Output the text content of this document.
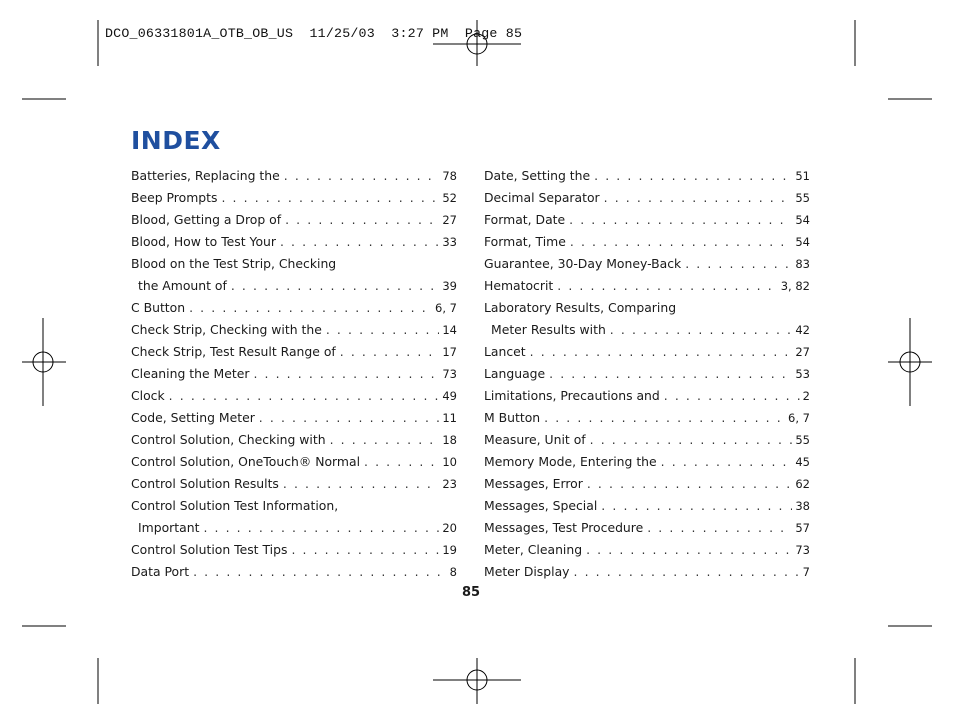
DCO_06331801A_OTB_OB_US  11/25/03  3:27 PM  Page 85
INDEX
Batteries, Replacing the . . .	78
Beep Prompts . . .	52
Blood, Getting a Drop of . . .	27
Blood, How to Test Your . . .	33
Blood on the Test Strip, Checking
the Amount of . . .	39
C Button . . .	6, 7
Check Strip, Checking with the . . .	14
Check Strip, Test Result Range of . . .	17
Cleaning the Meter . . .	73
Clock . . .	49
Code, Setting Meter . . .	11
Control Solution, Checking with . . .	18
Control Solution, OneTouch® Normal . . .	10
Control Solution Results . . .	23
Control Solution Test Information,
Important . . .	20
Control Solution Test Tips . . .	19
Data Port . . .	8
Date, Setting the . . .	51
Decimal Separator . . .	55
Format, Date . . .	54
Format, Time . . .	54
Guarantee, 30-Day Money-Back . . .	83
Hematocrit . . .	3, 82
Laboratory Results, Comparing
Meter Results with . . .	42
Lancet . . .	27
Language . . .	53
Limitations, Precautions and . . .	2
M Button . . .	6, 7
Measure, Unit of . . .	55
Memory Mode, Entering the . . .	45
Messages, Error . . .	62
Messages, Special . . .	38
Messages, Test Procedure . . .	57
Meter, Cleaning . . .	73
Meter Display . . .	7
85
